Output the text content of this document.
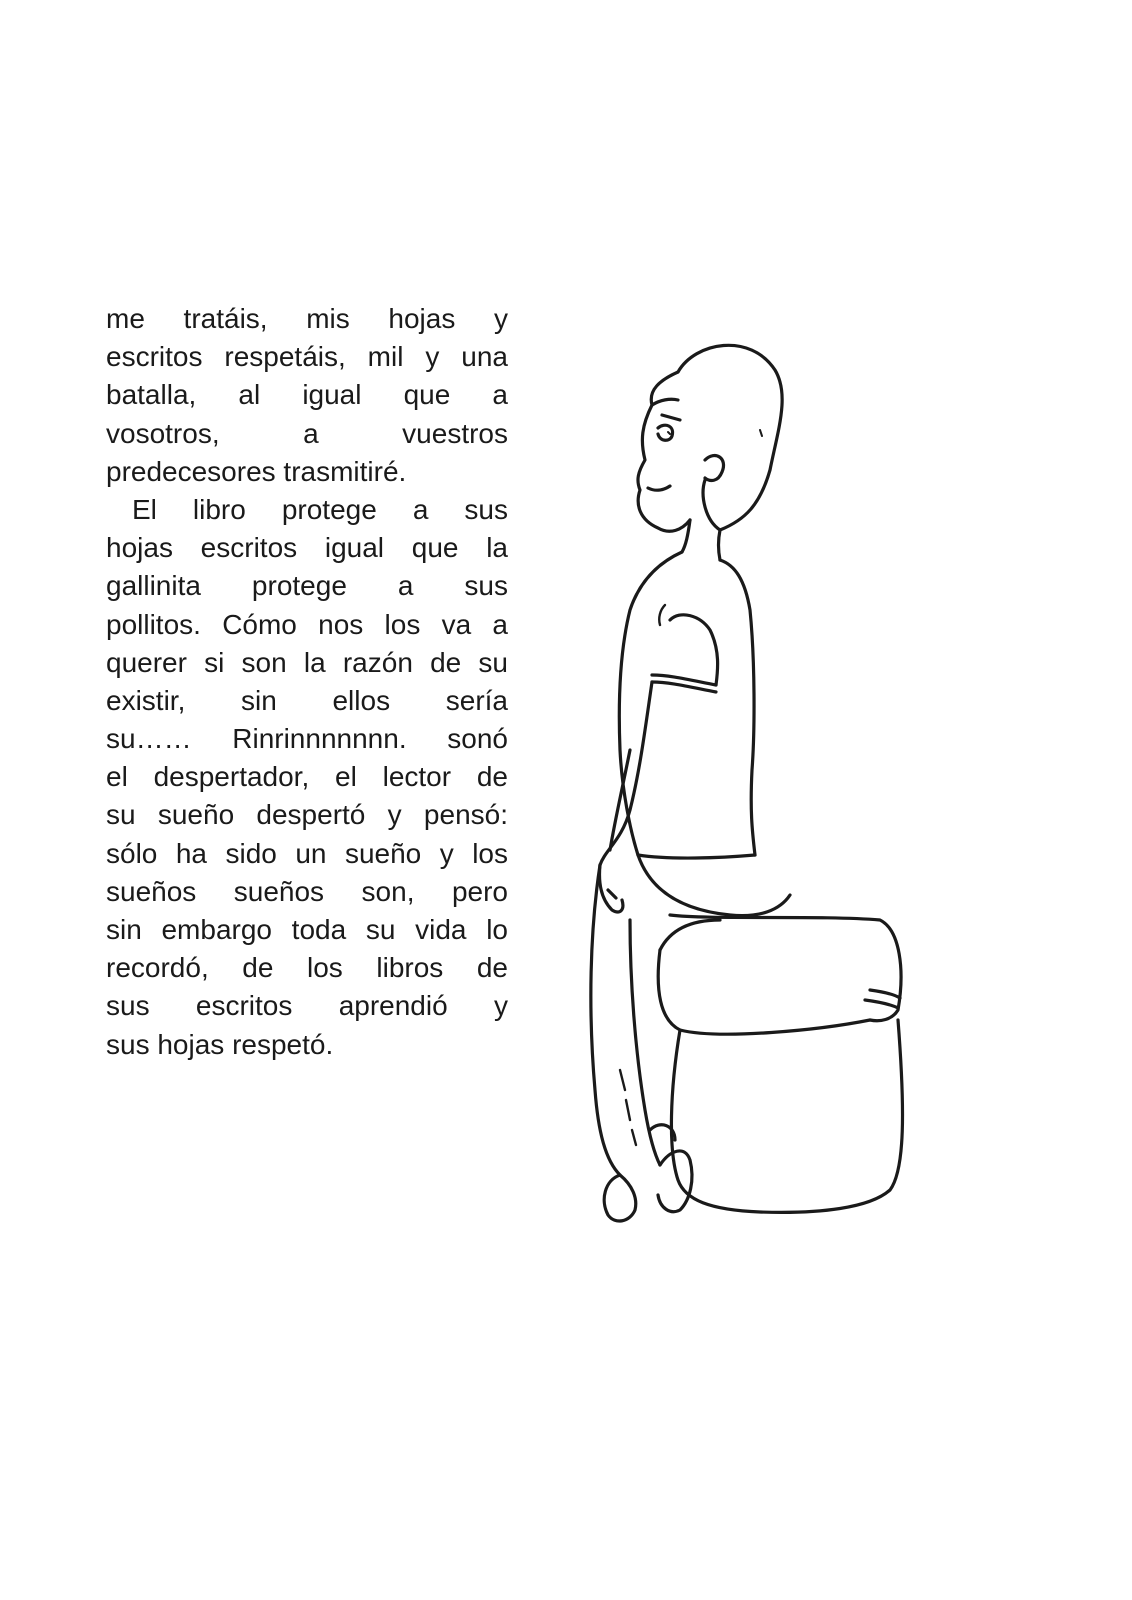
me tratáis, mis hojas y
escritos respetáis, mil y una
batalla, al igual que a
vosotros, a vuestros
predecesores trasmitiré.
El libro protege a sus
hojas escritos igual que la
gallinita protege a sus
pollitos. Cómo nos los va a
querer si son la razón de su
existir, sin ellos sería
su…… Rinrinnnnnnn. sonó
el despertador, el lector de
su sueño despertó y pensó:
sólo ha sido un sueño y los
sueños sueños son, pero
sin embargo toda su vida lo
recordó, de los libros de
sus escritos aprendió y
sus hojas respetó.
